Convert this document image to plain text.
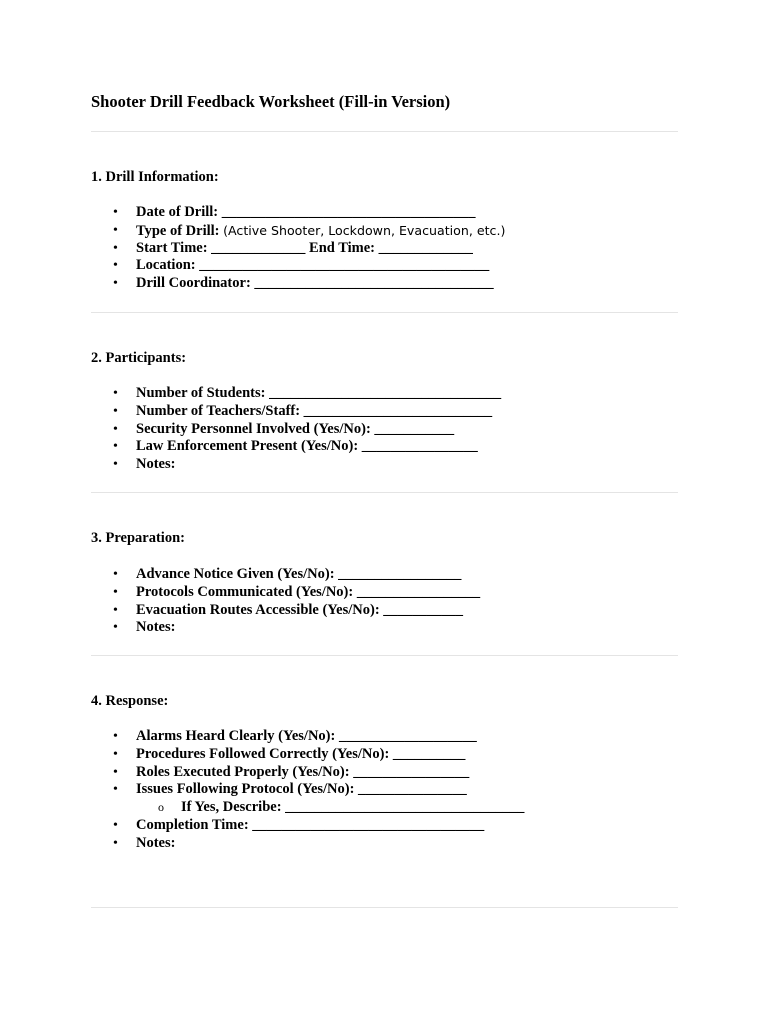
Shooter Drill Feedback Worksheet (Fill-in Version)
1. Drill Information:
• Date of Drill: ___________________________________
• Type of Drill: (Active Shooter, Lockdown, Evacuation, etc.)
• Start Time: _____________ End Time: _____________
• Location: ________________________________________
• Drill Coordinator: _________________________________
2. Participants:
• Number of Students: ________________________________
• Number of Teachers/Staff: __________________________
• Security Personnel Involved (Yes/No): ___________
• Law Enforcement Present (Yes/No): ________________
• Notes:
3. Preparation:
• Advance Notice Given (Yes/No): _________________
• Protocols Communicated (Yes/No): _________________
• Evacuation Routes Accessible (Yes/No): ___________
• Notes:
4. Response:
• Alarms Heard Clearly (Yes/No): ___________________
• Procedures Followed Correctly (Yes/No): __________
• Roles Executed Properly (Yes/No): ________________
• Issues Following Protocol (Yes/No): _______________
o If Yes, Describe: _________________________________
• Completion Time: ________________________________
• Notes:
